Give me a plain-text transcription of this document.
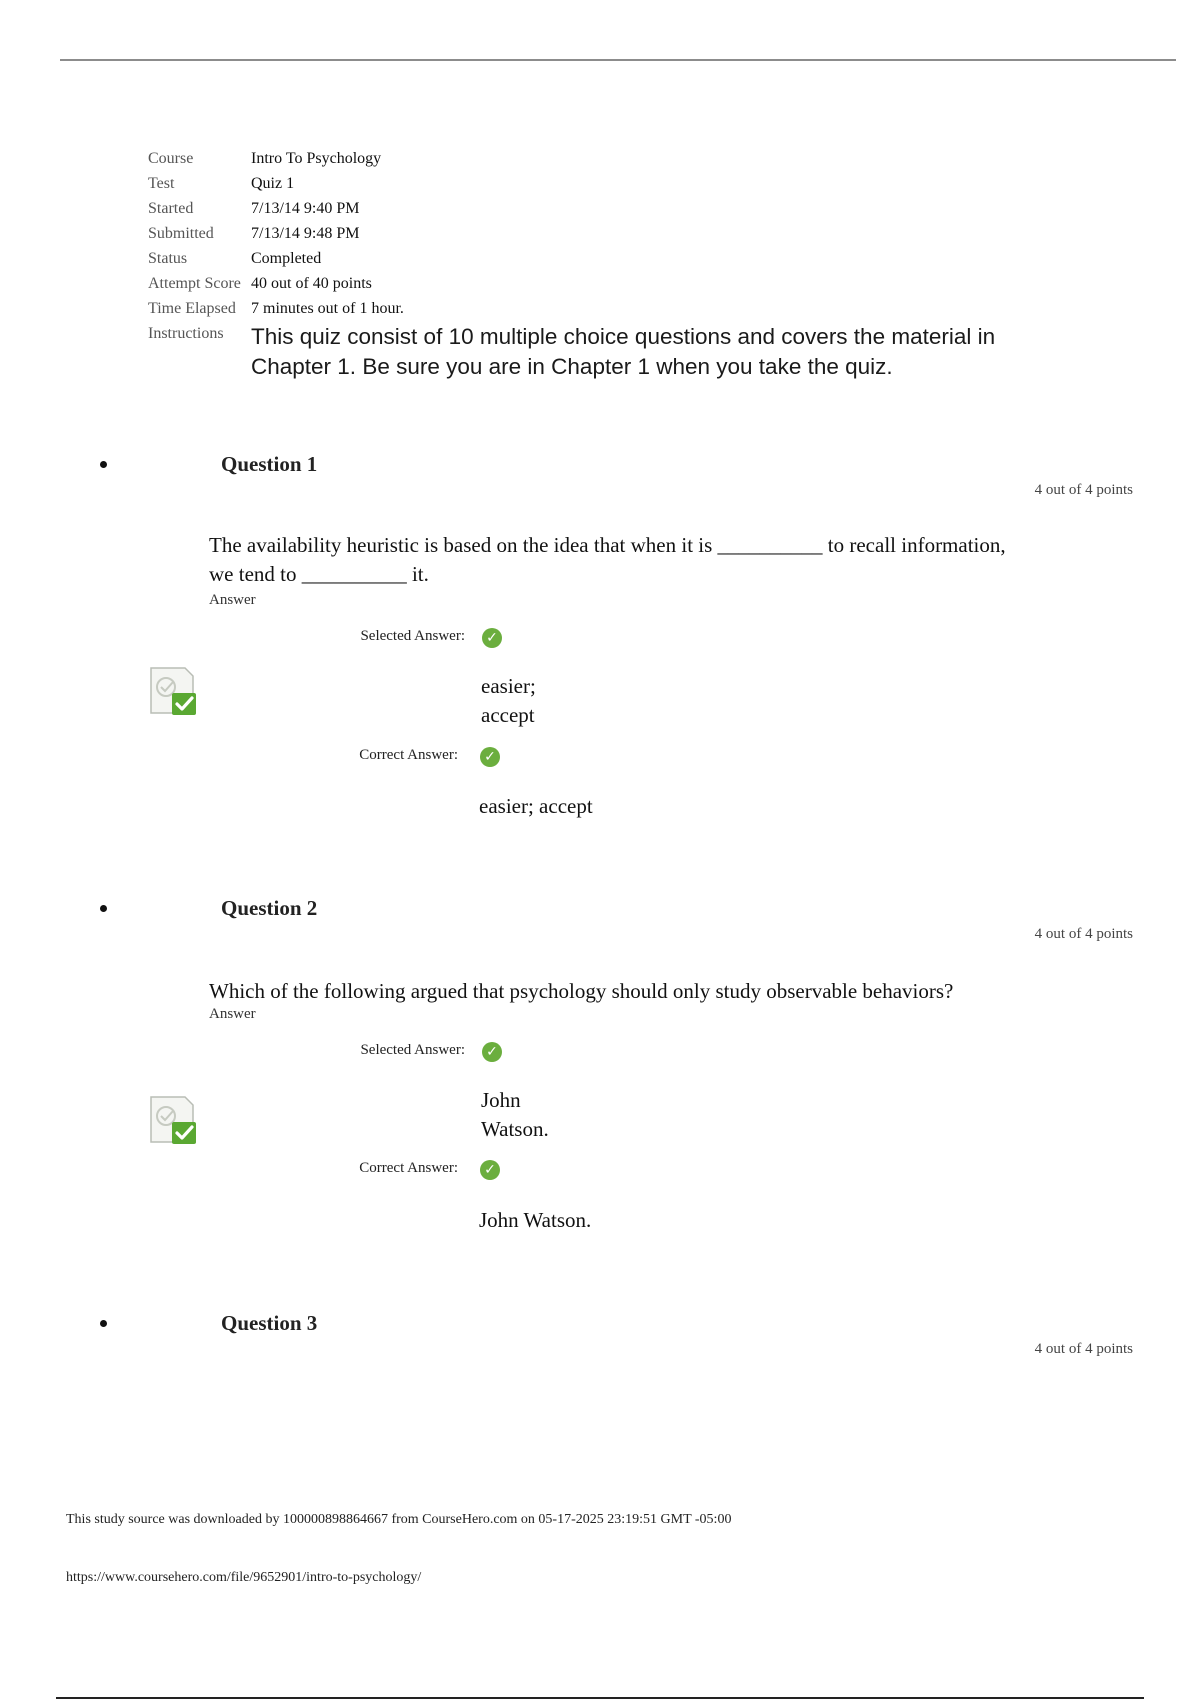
Course	Intro To Psychology
Test	Quiz 1
Started	7/13/14 9:40 PM
Submitted	7/13/14 9:48 PM
Status	Completed
Attempt Score 40 out of 40 points
Time Elapsed 7 minutes out of 1 hour.
Instructions	This quiz consist of 10 multiple choice questions and covers the material in Chapter 1. Be sure you are in Chapter 1 when you take the quiz.
Question 1
4 out of 4 points
The availability heuristic is based on the idea that when it is __________ to recall information, we tend to __________ it.
Answer
Selected Answer: ✓
easier;
accept
Correct Answer: ✓
easier; accept
Question 2
4 out of 4 points
Which of the following argued that psychology should only study observable behaviors?
Answer
Selected Answer: ✓
John
Watson.
Correct Answer: ✓
John Watson.
Question 3
4 out of 4 points
This study source was downloaded by 100000898864667 from CourseHero.com on 05-17-2025 23:19:51 GMT -05:00
https://www.coursehero.com/file/9652901/intro-to-psychology/
